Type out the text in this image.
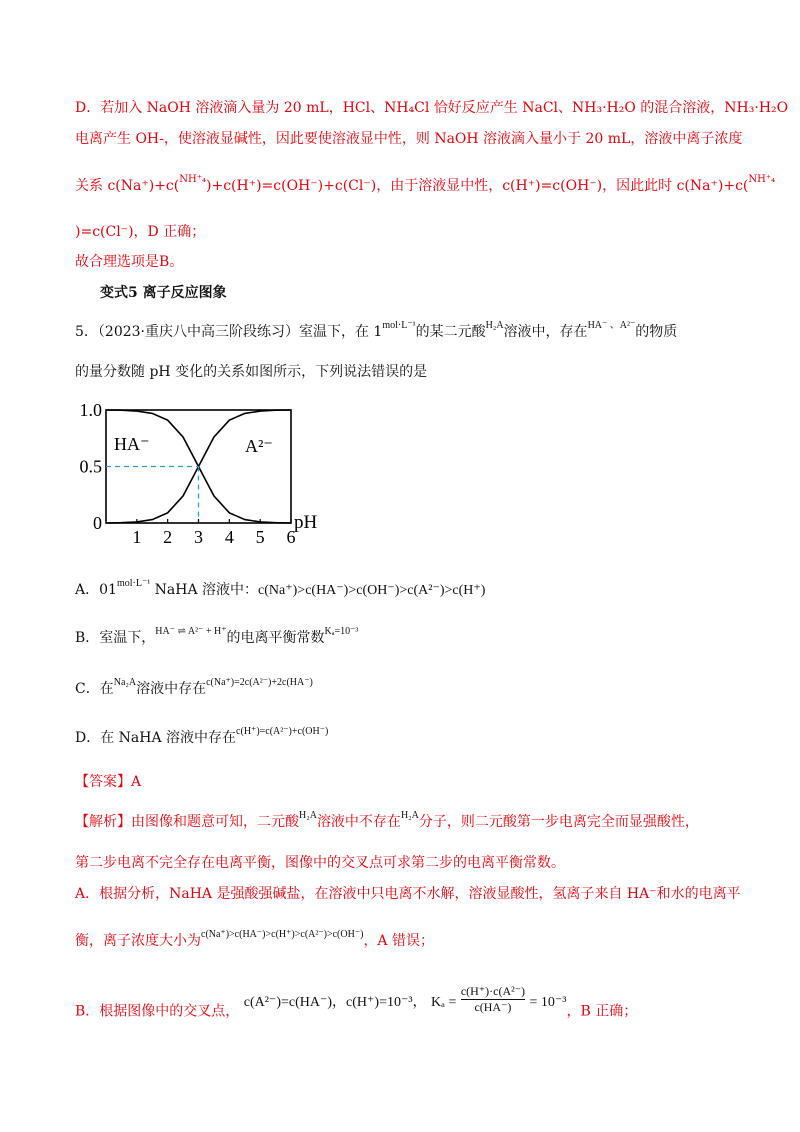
D．若加入 NaOH 溶液滴入量为 20 mL，HCl、NH₄Cl 恰好反应产生 NaCl、NH₃·H₂O 的混合溶液，NH₃·H₂O
电离产生 OH-，使溶液显碱性，因此要使溶液显中性，则 NaOH 溶液滴入量小于 20 mL，溶液中离子浓度
关系 c(Na⁺)+c($^{NH^+_4}$)+c(H⁺)=c(OH⁻)+c(Cl⁻)，由于溶液显中性，c(H⁺)=c(OH⁻)，因此此时 c(Na⁺)+c($^{NH^+_4}$
)=c(Cl⁻)，D 正确；
故合理选项是B。
变式5 离子反应图象
5．（2023·重庆八中高三阶段练习）室温下，在 $1^{mol\cdot L^{-1}}$的某二元酸$^{H_2A}$溶液中，存在$^{HA^- 、A^{2-}}$的物质
的量分数随 pH 变化的关系如图所示，下列说法错误的是
0
0.5
1.0
1 2 3 4 5 6
pH
HA⁻	A²⁻
A．$01^{mol\cdot L^{-1}}$ NaHA 溶液中：c(Na⁺)>c(HA⁻)>c(OH⁻)>c(A²⁻)>c(H⁺)
B．室温下，$^{HA^- \rightleftharpoons A^{2-} + H^+}$的电离平衡常数$^{K_a=10^{-3}}$
C．在$^{Na_2A}$溶液中存在$^{c(Na^+)=2c(A^{2-})+2c(HA^-)}$
D．在 NaHA 溶液中存在$^{c(H^+)=c(A^{2-})+c(OH^-)}$
【答案】A
【解析】由图像和题意可知，二元酸$^{H_2A}$溶液中不存在$^{H_2A}$分子，则二元酸第一步电离完全而显强酸性，
第二步电离不完全存在电离平衡，图像中的交叉点可求第二步的电离平衡常数。
A．根据分析，NaHA 是强酸强碱盐，在溶液中只电离不水解，溶液显酸性，氢离子来自 HA⁻和水的电离平
衡，离子浓度大小为$^{c(Na^+)>c(HA^-)>c(H^+)>c(A^{2-})>c(OH^-)}$，A 错误；
B．根据图像中的交叉点， c(A²⁻)=c(HA⁻)，c(H⁺)=10⁻³， $K_a = \frac{\text{c(H⁺)·c(A²⁻)}}{c(HA^-)} = 10^{-3}$，B 正确；
